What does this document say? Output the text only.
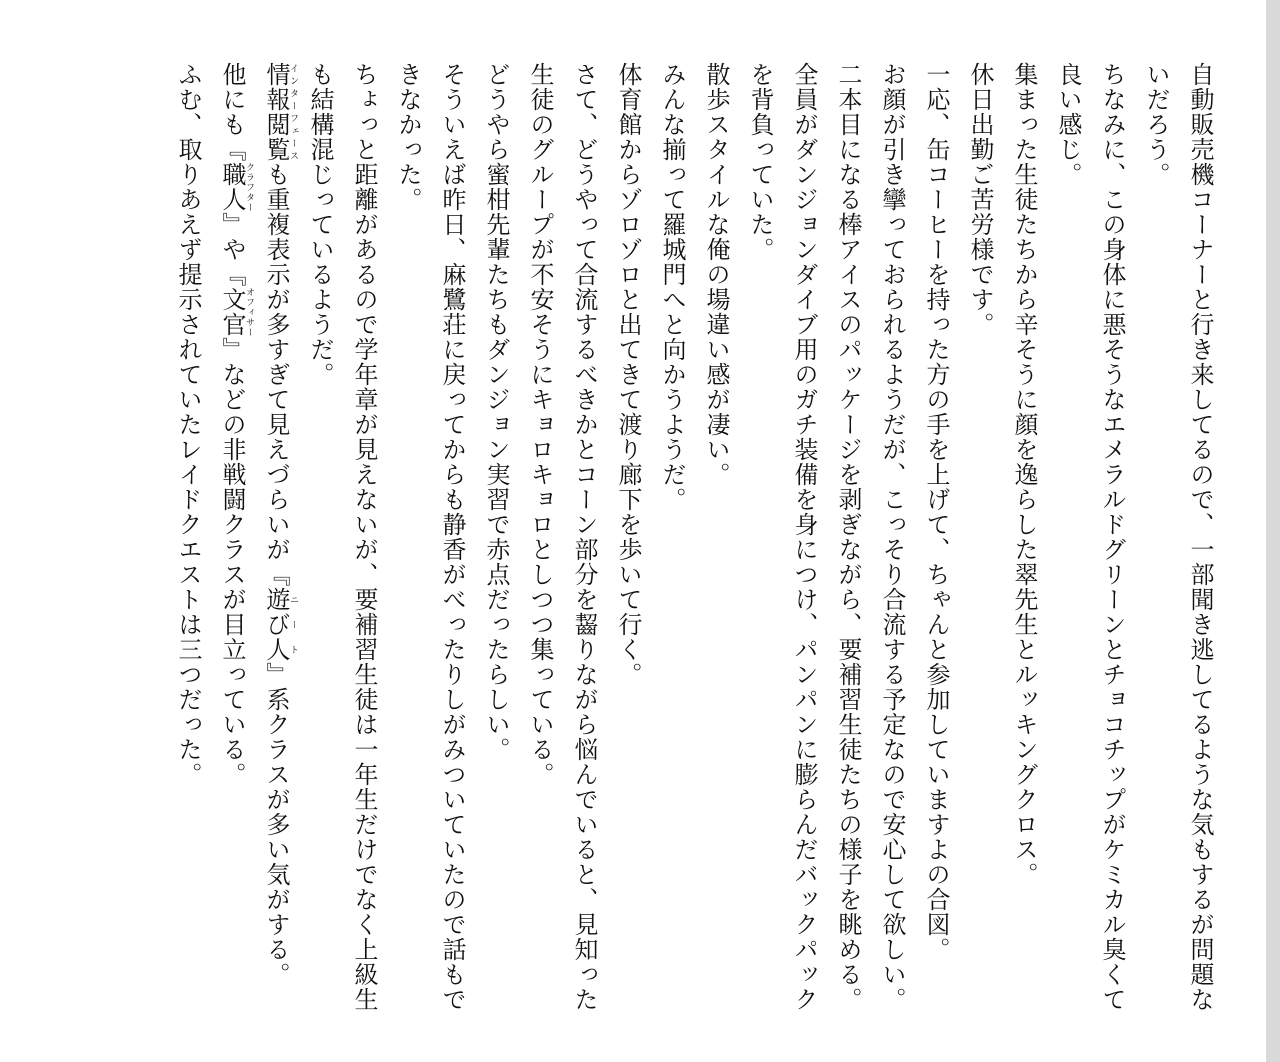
自動販売機コーナーと行き来してるので、一部聞き逃してるような気もするが問題ないだろう。

ちなみに、この身体に悪そうなエメラルドグリーンとチョコチップがケミカル臭くて良い感じ。

集まった生徒たちから辛そうに顔を逸らした翠先生とルッキングクロス。

休日出勤ご苦労様です。

一応、缶コーヒーを持った方の手を上げて、ちゃんと参加していますよの合図。

お顔が引き攣っておられるようだが、こっそり合流する予定なので安心して欲しい。

二本目になる棒アイスのパッケージを剥ぎながら、要補習生徒たちの様子を眺める。

全員がダンジョンダイブ用のガチ装備を身につけ、パンパンに膨らんだバックパックを背負っていた。

散歩スタイルな俺の場違い感が凄い。

みんな揃って羅城門へと向かうようだ。

体育館からゾロゾロと出てきて渡り廊下を歩いて行く。

さて、どうやって合流するべきかとコーン部分を齧りながら悩んでいると、見知った生徒のグループが不安そうにキョロキョロとしつつ集っている。

どうやら蜜柑先輩たちもダンジョン実習で赤点だったらしい。

そういえば昨日、麻鷺荘に戻ってからも静香がべったりしがみついていたので話もできなかった。

ちょっと距離があるので学年章が見えないが、要補習生徒は一年生だけでなく上級生も結構混じっているようだ。

情報閲覧インターフェースも重複表示が多すぎて見えづらいが『遊び人ニート』系クラスが多い気がする。

他にも『職人クラフター』や『文官オフィサー』などの非戦闘クラスが目立っている。

ふむ、取りあえず提示されていたレイドクエストは三つだった。
